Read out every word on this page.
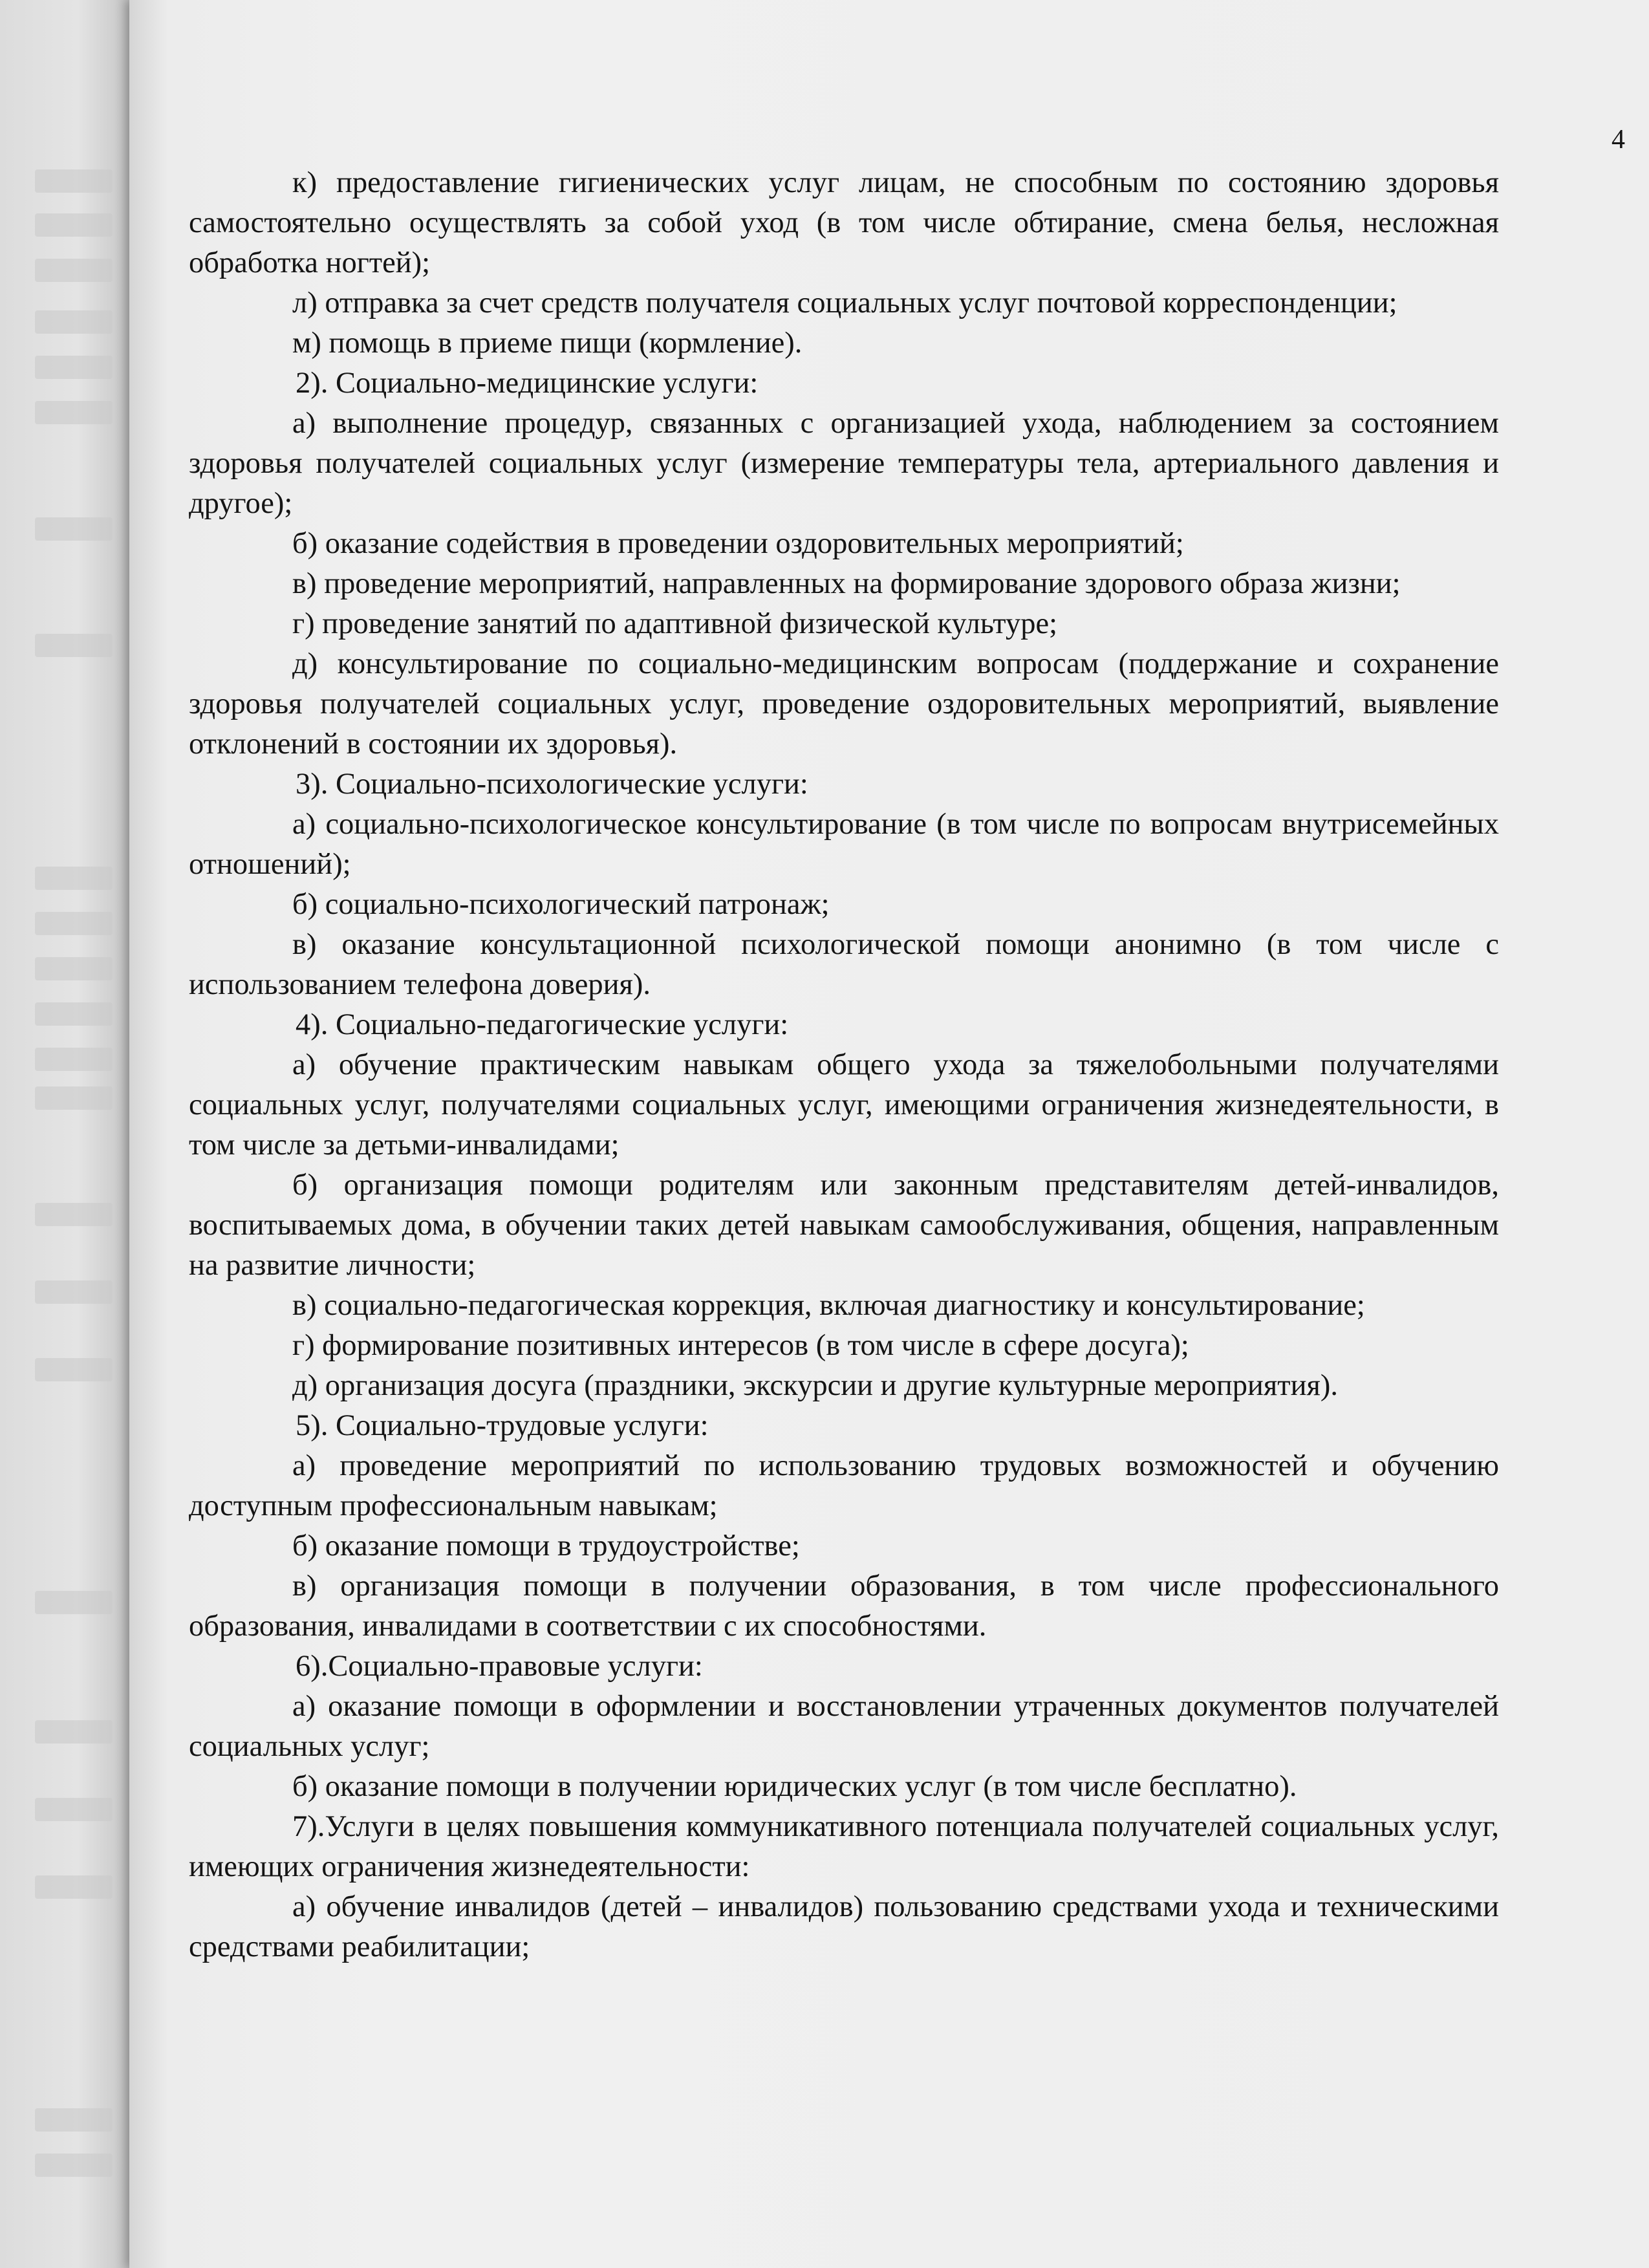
4

к) предоставление гигиенических услуг лицам, не способным по состоянию здоровья самостоятельно осуществлять за собой уход (в том числе обтирание, смена белья, несложная обработка ногтей);

л) отправка за счет средств получателя социальных услуг почтовой корреспонденции;

м) помощь в приеме пищи (кормление).

2). Социально-медицинские услуги:

а) выполнение процедур, связанных с организацией ухода, наблюдением за состоянием здоровья получателей социальных услуг (измерение температуры тела, артериального давления и другое);

б) оказание содействия в проведении оздоровительных мероприятий;

в) проведение мероприятий, направленных на формирование здорового образа жизни;

г) проведение занятий по адаптивной физической культуре;

д) консультирование по социально-медицинским вопросам (поддержание и сохранение здоровья получателей социальных услуг, проведение оздоровительных мероприятий, выявление отклонений в состоянии их здоровья).

3). Социально-психологические услуги:

а) социально-психологическое консультирование (в том числе по вопросам внутрисемейных отношений);

б) социально-психологический патронаж;

в) оказание консультационной психологической помощи анонимно (в том числе с использованием телефона доверия).

4). Социально-педагогические услуги:

а) обучение практическим навыкам общего ухода за тяжелобольными получателями социальных услуг, получателями социальных услуг, имеющими ограничения жизнедеятельности, в том числе за детьми-инвалидами;

б) организация помощи родителям или законным представителям детей-инвалидов, воспитываемых дома, в обучении таких детей навыкам самообслуживания, общения, направленным на развитие личности;

в) социально-педагогическая коррекция, включая диагностику и консультирование;

г) формирование позитивных интересов (в том числе в сфере досуга);

д) организация досуга (праздники, экскурсии и другие культурные мероприятия).

5). Социально-трудовые услуги:

а) проведение мероприятий по использованию трудовых возможностей и обучению доступным профессиональным навыкам;

б) оказание помощи в трудоустройстве;

в) организация помощи в получении образования, в том числе профессионального образования, инвалидами в соответствии с их способностями.

6).Социально-правовые услуги:

а) оказание помощи в оформлении и восстановлении утраченных документов получателей социальных услуг;

б) оказание помощи в получении юридических услуг (в том числе бесплатно).

7).Услуги в целях повышения коммуникативного потенциала получателей социальных услуг, имеющих ограничения жизнедеятельности:

а) обучение инвалидов (детей – инвалидов) пользованию средствами ухода и техническими средствами реабилитации;
